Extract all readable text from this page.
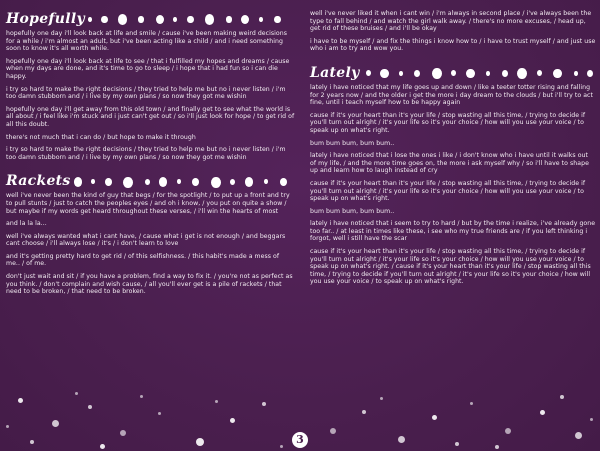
Hopefully

hopefully one day i'll look back at life and smile / cause i've been making weird decisions for a while / i'm almost an adult, but i've been acting like a child / and i need something soon to know it's all worth while.

hopefully one day i'll look back at life to see / that i fulfilled my hopes and dreams / cause when my days are done, and it's time to go to sleep / i hope that i had fun so i can die happy.

i try so hard to make the right decisions / they tried to help me but no i never listen / i'm too damn stubborn and / i live by my own plans / so now they got me wishin

hopefully one day i'll get away from this old town / and finally get to see what the world is all about / i feel like i'm stuck and i just can't get out / so i'll just look for hope / to get rid of all this doubt.

there's not much that i can do / but hope to make it through

i try so hard to make the right decisions / they tried to help me but no i never listen / i'm too damn stubborn and / i live by my own plans / so now they got me wishin

Rackets

well i've never been the kind of guy that begs / for the spotlight / to put up a front and try to pull stunts / just to catch the peoples eyes / and oh i know, / you put on quite a show / but maybe if my words get heard throughout these verses, / i'll win the hearts of most

and la la la...

well i've always wanted what i cant have, / cause what i get is not enough / and beggars cant choose / i'll always lose / it's / i don't learn to love

and it's getting pretty hard to get rid / of this selfishness. / this habit's made a mess of me.. / of me.

don't just wait and sit / if you have a problem, find a way to fix it. / you're not as perfect as you think. / don't complain and wish cause, / all you'll ever get is a pile of rackets / that need to be broken, / that need to be broken.

well i've never liked it when i cant win / i'm always in second place / i've always been the type to fall behind / and watch the girl walk away. / there's no more excuses, / head up, get rid of these bruises / and i'll be okay

i have to be myself / and fix the things i know how to / i have to trust myself / and just use who i am to try and wow you.

Lately

lately i have noticed that my life goes up and down / like a teeter totter rising and falling for 2 years now / and the older i get the more i day dream to the clouds / but i'll try to act fine, until i teach myself how to be happy again

cause if it's your heart than it's your life / stop wasting all this time, / trying to decide if you'll turn out alright / it's your life so it's your choice / how will you use your voice / to speak up on what's right.

bum bum bum, bum bum..

lately i have noticed that i lose the ones i like / i don't know who i have until it walks out of my life, / and the more time goes on, the more i ask myself why / so i'll have to shape up and learn how to laugh instead of cry

cause if it's your heart than it's your life / stop wasting all this time, / trying to decide if you'll turn out alright / it's your life so it's your choice / how will you use your voice / to speak up on what's right.

bum bum bum, bum bum..

lately i have noticed that i seem to try to hard / but by the time i realize, i've already gone too far.. / at least in times like these, i see who my true friends are / if you left thinking i forgot, well i still have the scar

cause if it's your heart than it's your life / stop wasting all this time, / trying to decide if you'll turn out alright / it's your life so it's your choice / how will you use your voice / to speak up on what's right. / cause if it's your heart than it's your life / stop wasting all this time, / trying to decide if you'll turn out alright / it's your life so it's your choice / how will you use your voice / to speak up on what's right.

3
